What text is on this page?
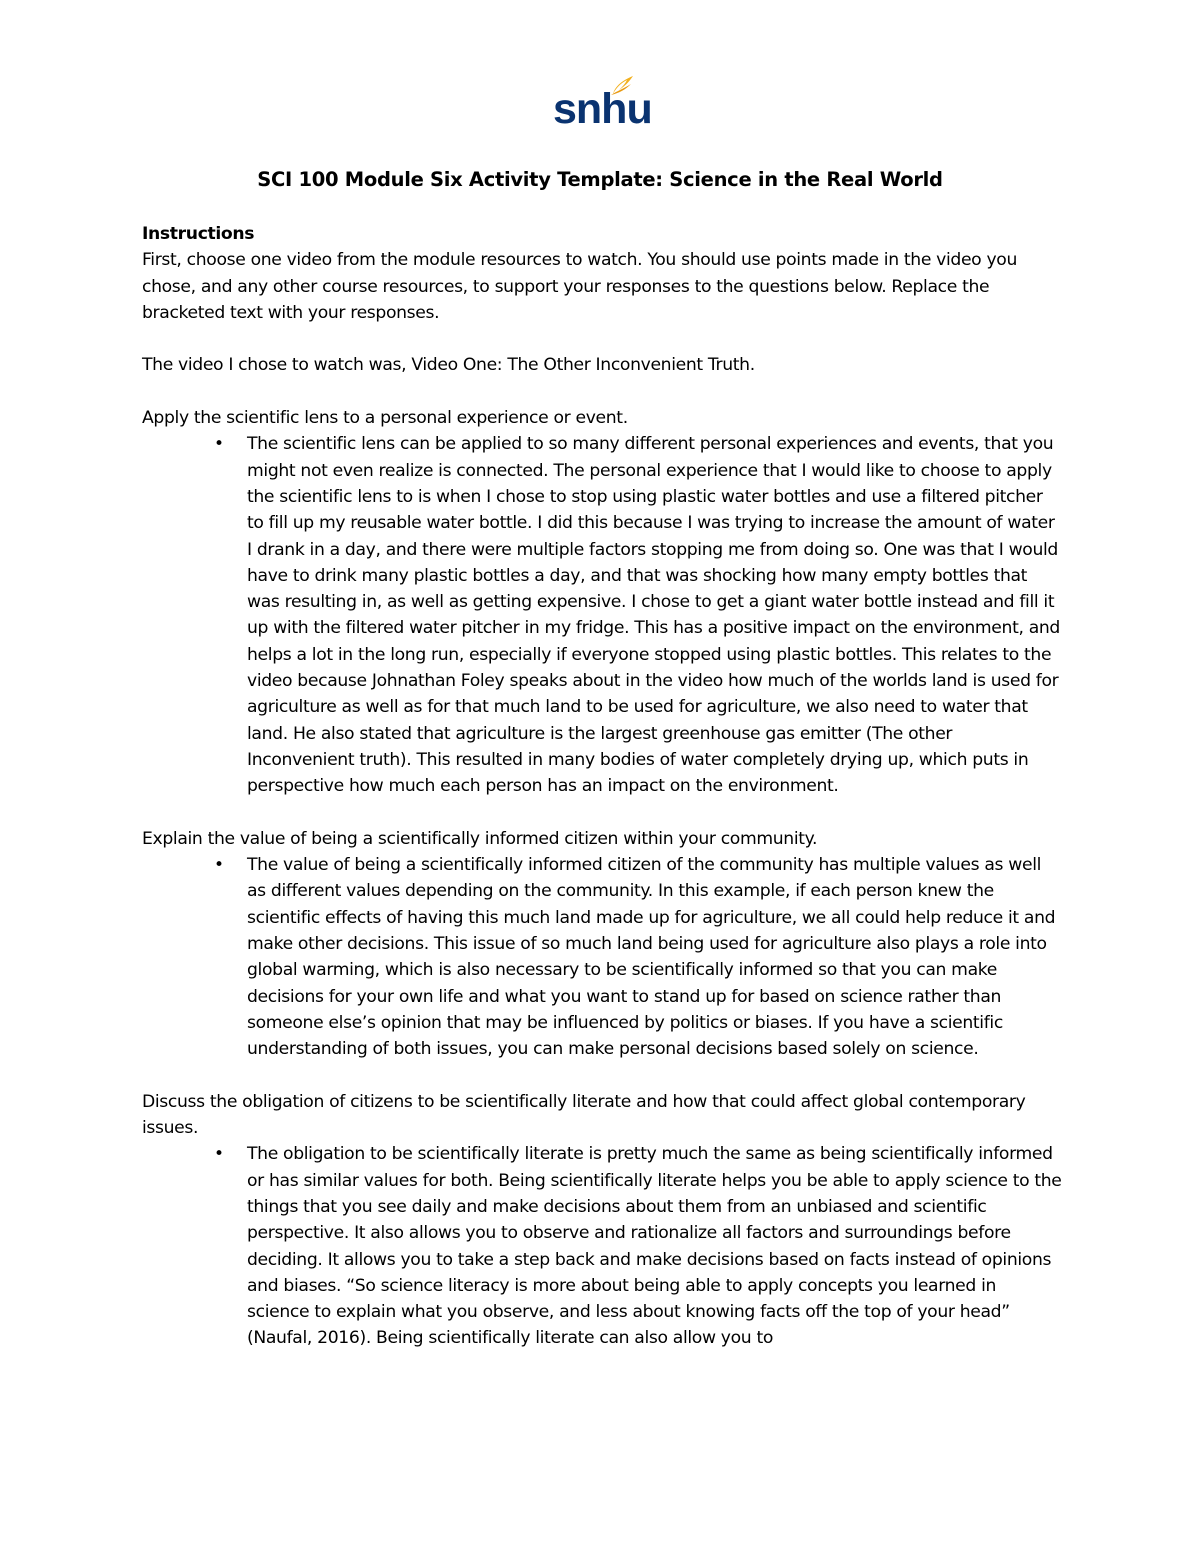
snhu
SCI 100 Module Six Activity Template: Science in the Real World

Instructions

First, choose one video from the module resources to watch. You should use points made in the video you chose, and any other course resources, to support your responses to the questions below. Replace the bracketed text with your responses.

The video I chose to watch was, Video One: The Other Inconvenient Truth.

Apply the scientific lens to a personal experience or event.

• The scientific lens can be applied to so many different personal experiences and events, that you might not even realize is connected. The personal experience that I would like to choose to apply the scientific lens to is when I chose to stop using plastic water bottles and use a filtered pitcher to fill up my reusable water bottle. I did this because I was trying to increase the amount of water I drank in a day, and there were multiple factors stopping me from doing so. One was that I would have to drink many plastic bottles a day, and that was shocking how many empty bottles that was resulting in, as well as getting expensive. I chose to get a giant water bottle instead and fill it up with the filtered water pitcher in my fridge. This has a positive impact on the environment, and helps a lot in the long run, especially if everyone stopped using plastic bottles. This relates to the video because Johnathan Foley speaks about in the video how much of the worlds land is used for agriculture as well as for that much land to be used for agriculture, we also need to water that land. He also stated that agriculture is the largest greenhouse gas emitter (The other Inconvenient truth). This resulted in many bodies of water completely drying up, which puts in perspective how much each person has an impact on the environment.

Explain the value of being a scientifically informed citizen within your community.

• The value of being a scientifically informed citizen of the community has multiple values as well as different values depending on the community. In this example, if each person knew the scientific effects of having this much land made up for agriculture, we all could help reduce it and make other decisions. This issue of so much land being used for agriculture also plays a role into global warming, which is also necessary to be scientifically informed so that you can make decisions for your own life and what you want to stand up for based on science rather than someone else’s opinion that may be influenced by politics or biases. If you have a scientific understanding of both issues, you can make personal decisions based solely on science.

Discuss the obligation of citizens to be scientifically literate and how that could affect global contemporary issues.

• The obligation to be scientifically literate is pretty much the same as being scientifically informed or has similar values for both. Being scientifically literate helps you be able to apply science to the things that you see daily and make decisions about them from an unbiased and scientific perspective. It also allows you to observe and rationalize all factors and surroundings before deciding. It allows you to take a step back and make decisions based on facts instead of opinions and biases. “So science literacy is more about being able to apply concepts you learned in science to explain what you observe, and less about knowing facts off the top of your head” (Naufal, 2016). Being scientifically literate can also allow you to
